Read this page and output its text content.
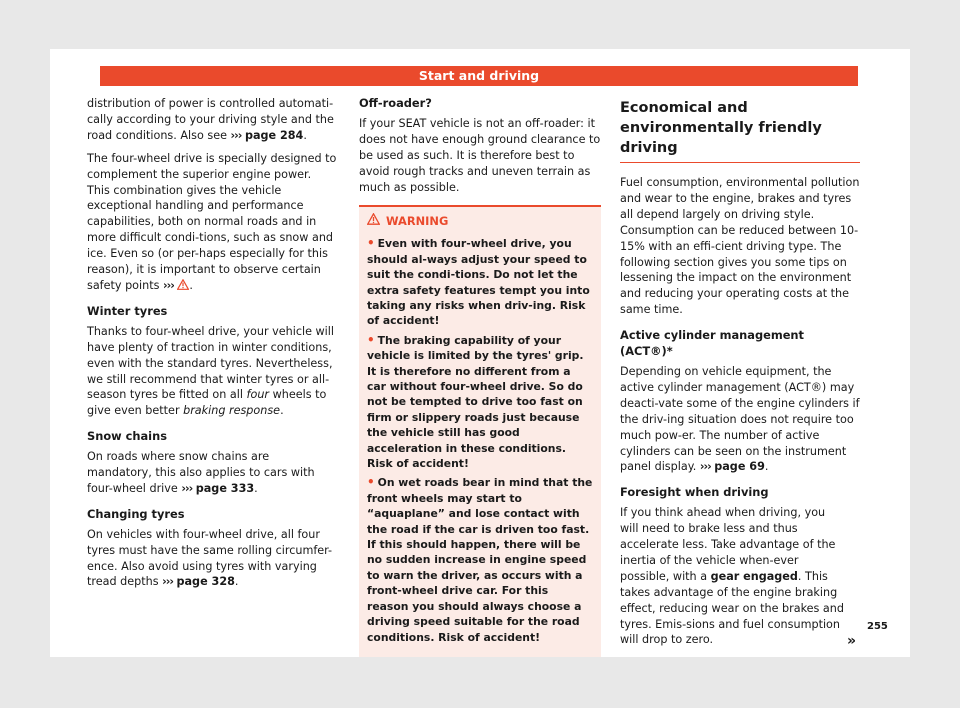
Start and driving

distribution of power is controlled automati-cally according to your driving style and the road conditions. Also see ››› page 284.

The four-wheel drive is specially designed to complement the superior engine power. This combination gives the vehicle exceptional handling and performance capabilities, both on normal roads and in more difficult condi-tions, such as snow and ice. Even so (or per-haps especially for this reason), it is important to observe certain safety points ››› .

Winter tyres

Thanks to four-wheel drive, your vehicle will have plenty of traction in winter conditions, even with the standard tyres. Nevertheless, we still recommend that winter tyres or all-season tyres be fitted on all four wheels to give even better braking response.

Snow chains

On roads where snow chains are mandatory, this also applies to cars with four-wheel drive ››› page 333.

Changing tyres

On vehicles with four-wheel drive, all four tyres must have the same rolling circumfer-ence. Also avoid using tyres with varying tread depths ››› page 328.

Off-roader?

If your SEAT vehicle is not an off-roader: it does not have enough ground clearance to be used as such. It is therefore best to avoid rough tracks and uneven terrain as much as possible.

WARNING
• Even with four-wheel drive, you should al-ways adjust your speed to suit the condi-tions. Do not let the extra safety features tempt you into taking any risks when driv-ing. Risk of accident!
• The braking capability of your vehicle is limited by the tyres' grip. It is therefore no different from a car without four-wheel drive. So do not be tempted to drive too fast on firm or slippery roads just because the vehicle still has good acceleration in these conditions. Risk of accident!
• On wet roads bear in mind that the front wheels may start to “aquaplane” and lose contact with the road if the car is driven too fast. If this should happen, there will be no sudden increase in engine speed to warn the driver, as occurs with a front-wheel drive car. For this reason you should always choose a driving speed suitable for the road conditions. Risk of accident!
Economical and environmentally friendly driving

Fuel consumption, environmental pollution and wear to the engine, brakes and tyres all depend largely on driving style. Consumption can be reduced between 10-15% with an effi-cient driving type. The following section gives you some tips on lessening the impact on the environment and reducing your operating costs at the same time.

Active cylinder management (ACT®)*

Depending on vehicle equipment, the active cylinder management (ACT®) may deacti-vate some of the engine cylinders if the driv-ing situation does not require too much pow-er. The number of active cylinders can be seen on the instrument panel display. ››› page 69.

Foresight when driving

If you think ahead when driving, you will need to brake less and thus accelerate less. Take advantage of the inertia of the vehicle when-ever possible, with a gear engaged. This takes advantage of the engine braking effect, reducing wear on the brakes and tyres. Emis-sions and fuel consumption will drop to zero.	»

255
